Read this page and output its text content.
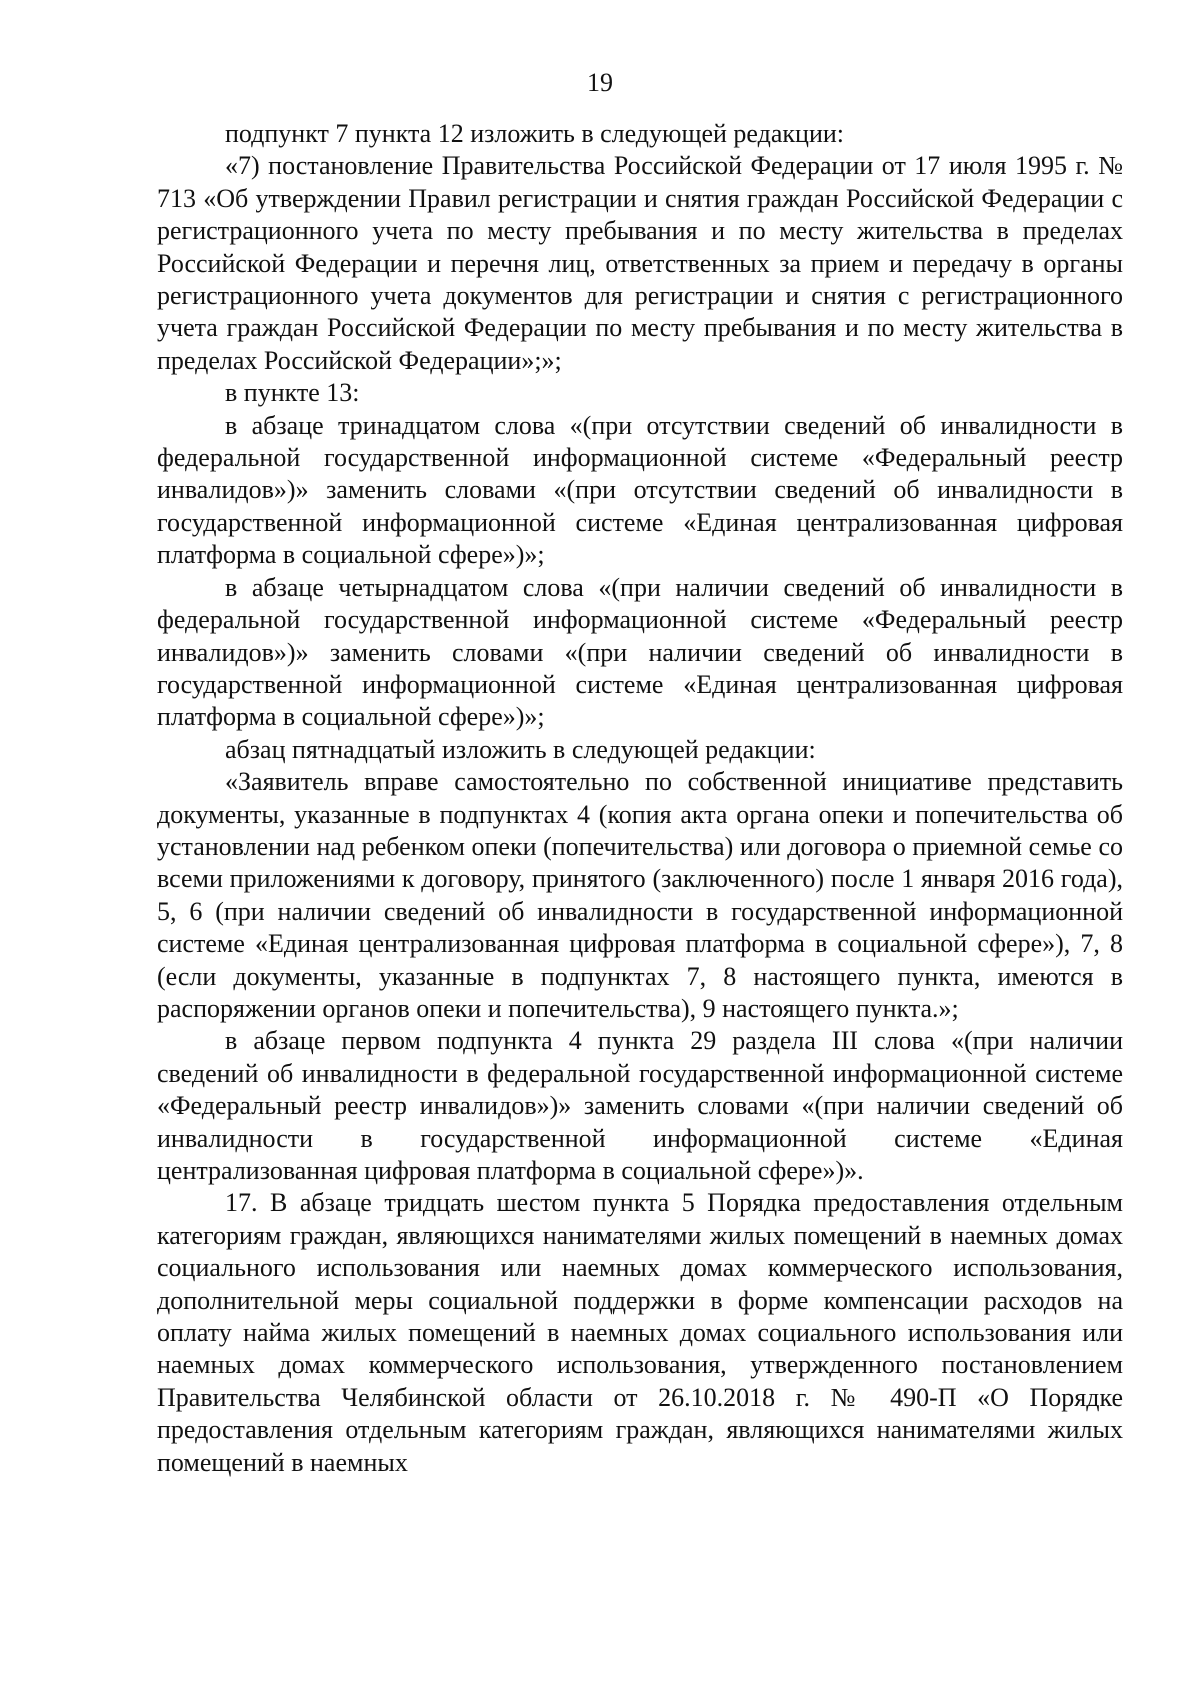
19

подпункт 7 пункта 12 изложить в следующей редакции:

«7) постановление Правительства Российской Федерации от 17 июля 1995 г. № 713 «Об утверждении Правил регистрации и снятия граждан Российской Федерации с регистрационного учета по месту пребывания и по месту жительства в пределах Российской Федерации и перечня лиц, ответственных за прием и передачу в органы регистрационного учета документов для регистрации и снятия с регистрационного учета граждан Российской Федерации по месту пребывания и по месту жительства в пределах Российской Федерации»;»;

в пункте 13:

в абзаце тринадцатом слова «(при отсутствии сведений об инвалидности в федеральной государственной информационной системе «Федеральный реестр инвалидов»)» заменить словами «(при отсутствии сведений об инвалидности в государственной информационной системе «Единая централизованная цифровая платформа в социальной сфере»)»;

в абзаце четырнадцатом слова «(при наличии сведений об инвалидности в федеральной государственной информационной системе «Федеральный реестр инвалидов»)» заменить словами «(при наличии сведений об инвалидности в государственной информационной системе «Единая централизованная цифровая платформа в социальной сфере»)»;

абзац пятнадцатый изложить в следующей редакции:

«Заявитель вправе самостоятельно по собственной инициативе представить документы, указанные в подпунктах 4 (копия акта органа опеки и попечительства об установлении над ребенком опеки (попечительства) или договора о приемной семье со всеми приложениями к договору, принятого (заключенного) после 1 января 2016 года), 5, 6 (при наличии сведений об инвалидности в государственной информационной системе «Единая централизованная цифровая платформа в социальной сфере»), 7, 8 (если документы, указанные в подпунктах 7, 8 настоящего пункта, имеются в распоряжении органов опеки и попечительства), 9 настоящего пункта.»;

в абзаце первом подпункта 4 пункта 29 раздела III слова «(при наличии сведений об инвалидности в федеральной государственной информационной системе «Федеральный реестр инвалидов»)» заменить словами «(при наличии сведений об инвалидности в государственной информационной системе «Единая централизованная цифровая платформа в социальной сфере»)».

17. В абзаце тридцать шестом пункта 5 Порядка предоставления отдельным категориям граждан, являющихся нанимателями жилых помещений в наемных домах социального использования или наемных домах коммерческого использования, дополнительной меры социальной поддержки в форме компенсации расходов на оплату найма жилых помещений в наемных домах социального использования или наемных домах коммерческого использования, утвержденного постановлением Правительства Челябинской области от 26.10.2018 г. № 490-П «О Порядке предоставления отдельным категориям граждан, являющихся нанимателями жилых помещений в наемных
